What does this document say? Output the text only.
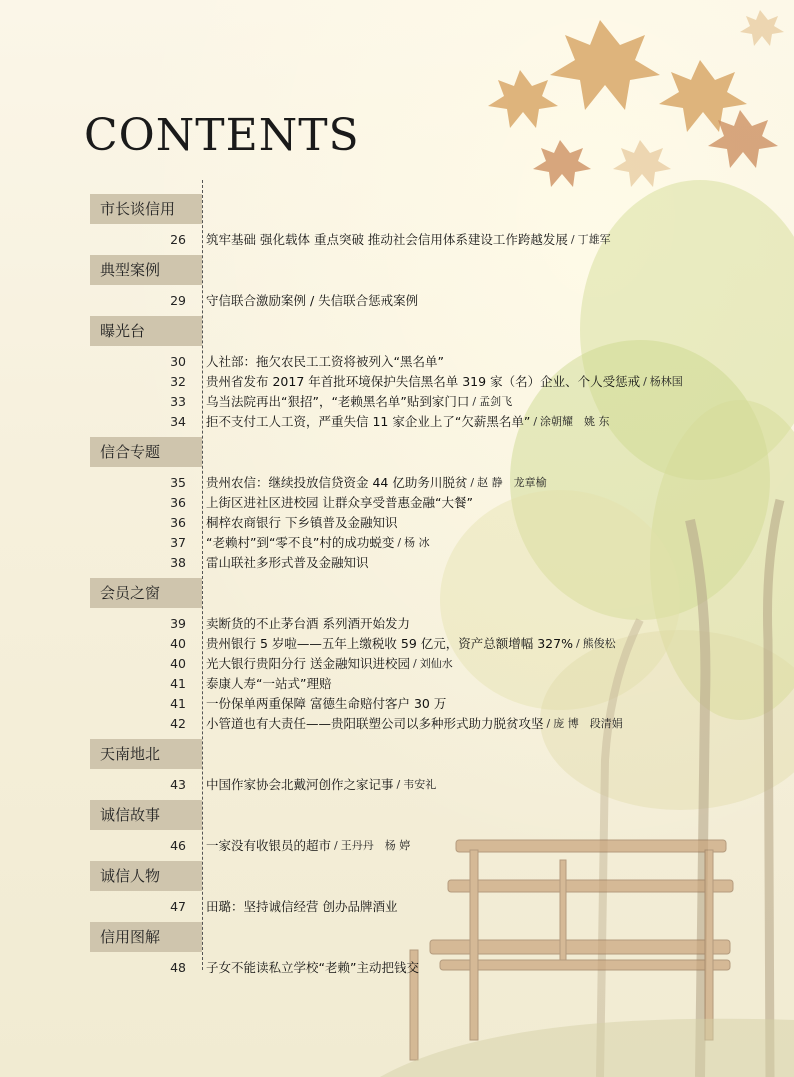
CONTENTS
市长谈信用
26	筑牢基础 强化载体 重点突破 推动社会信用体系建设工作跨越发展 / 丁雄军
典型案例
29	守信联合激励案例 / 失信联合惩戒案例
曝光台
30	人社部：拖欠农民工工资将被列入“黑名单”
32	贵州省发布 2017 年首批环境保护失信黑名单 319 家（名）企业、个人受惩戒 / 杨林国
33	乌当法院再出“狠招”，“老赖黑名单”贴到家门口 / 孟剑飞
34	拒不支付工人工资，严重失信 11 家企业上了“欠薪黑名单” / 涂朝耀　姚 东
信合专题
35	贵州农信：继续投放信贷资金 44 亿助务川脱贫 / 赵 静　龙章榆
36	上街区进社区进校园 让群众享受普惠金融“大餐”
36	桐梓农商银行 下乡镇普及金融知识
37	“老赖村”到“零不良”村的成功蜕变 / 杨 冰
38	雷山联社多形式普及金融知识
会员之窗
39	卖断货的不止茅台酒 系列酒开始发力
40	贵州银行 5 岁啦——五年上缴税收 59 亿元，资产总额增幅 327% / 熊俊松
40	光大银行贵阳分行 送金融知识进校园 / 刘仙水
41	泰康人寿“一站式”理赔
41	一份保单两重保障 富德生命赔付客户 30 万
42	小管道也有大责任——贵阳联塑公司以多种形式助力脱贫攻坚 / 庞 博　段清娟
天南地北
43	中国作家协会北戴河创作之家记事 / 韦安礼
诚信故事
46	一家没有收银员的超市 / 王丹丹　杨 婷
诚信人物
47	田璐：坚持诚信经营 创办品牌酒业
信用图解
48	子女不能读私立学校“老赖”主动把钱交
